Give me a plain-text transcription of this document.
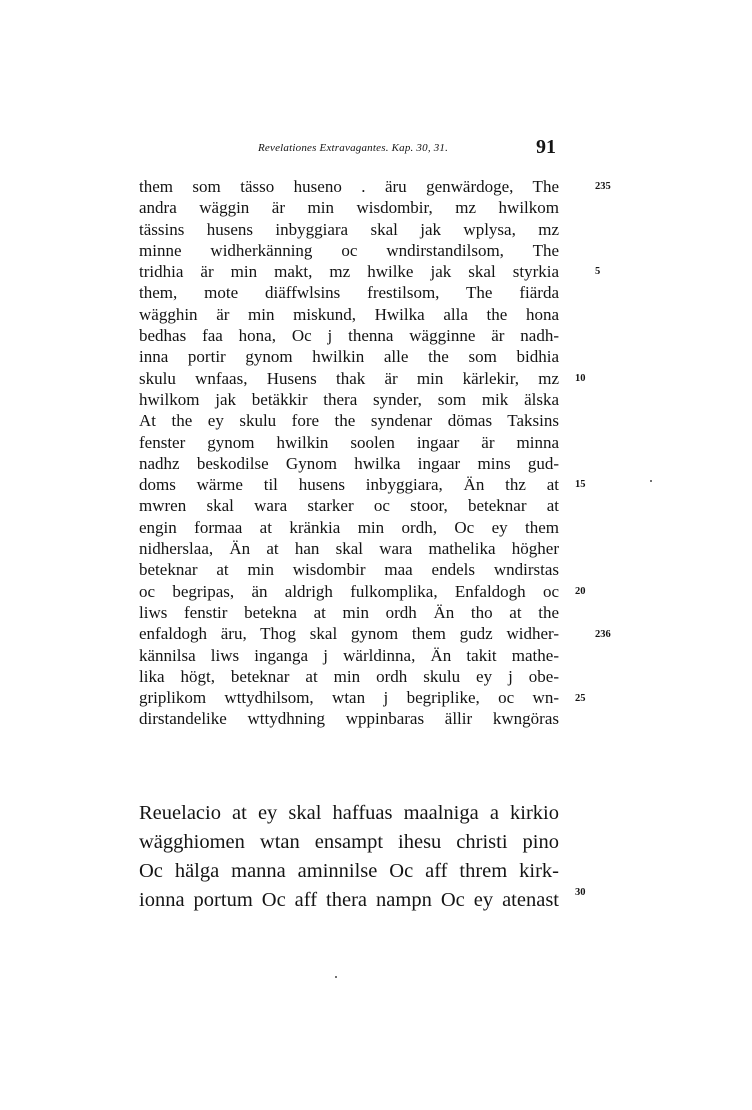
Revelationes Extravagantes. Kap. 30, 31.	91
them som tässo huseno . äru genwärdoge, The
andra wäggin är min wisdombir, mz hwilkom
tässins husens inbyggiara skal jak wplysa, mz
minne widherkänning oc wndirstandilsom, The
tridhia är min makt, mz hwilke jak skal styrkia
them, mote diäffwlsins frestilsom, The fiärda
wägghin är min miskund, Hwilka alla the hona
bedhas faa hona, Oc j thenna wägginne är nadh-
inna portir gynom hwilkin alle the som bidhia
skulu wnfaas, Husens thak är min kärlekir, mz
hwilkom jak betäkkir thera synder, som mik älska
At the ey skulu fore the syndenar dömas Taksins
fenster gynom hwilkin soolen ingaar är minna
nadhz beskodilse Gynom hwilka ingaar mins gud-
doms wärme til husens inbyggiara, Än thz at
mwren skal wara starker oc stoor, beteknar at
engin formaa at kränkia min ordh, Oc ey them
nidherslaa, Än at han skal wara mathelika högher
beteknar at min wisdombir maa endels wndirstas
oc begripas, än aldrigh fulkomplika, Enfaldogh oc
liws fenstir betekna at min ordh Än tho at the
enfaldogh äru, Thog skal gynom them gudz widher-
kännilsa liws inganga j wärldinna, Än takit mathe-
lika högt, beteknar at min ordh skulu ey j obe-
griplikom wttydhilsom, wtan j begriplike, oc wn-
dirstandelike wttydhning wppinbaras ällir kwngöras
Reuelacio at ey skal haffuas maalniga a kirkio
wägghiomen wtan ensampt ihesu christi pino
Oc hälga manna aminnilse Oc aff threm kirk-
ionna portum Oc aff thera nampn Oc ey atenast
235
5
10
15
20
236
25
30
